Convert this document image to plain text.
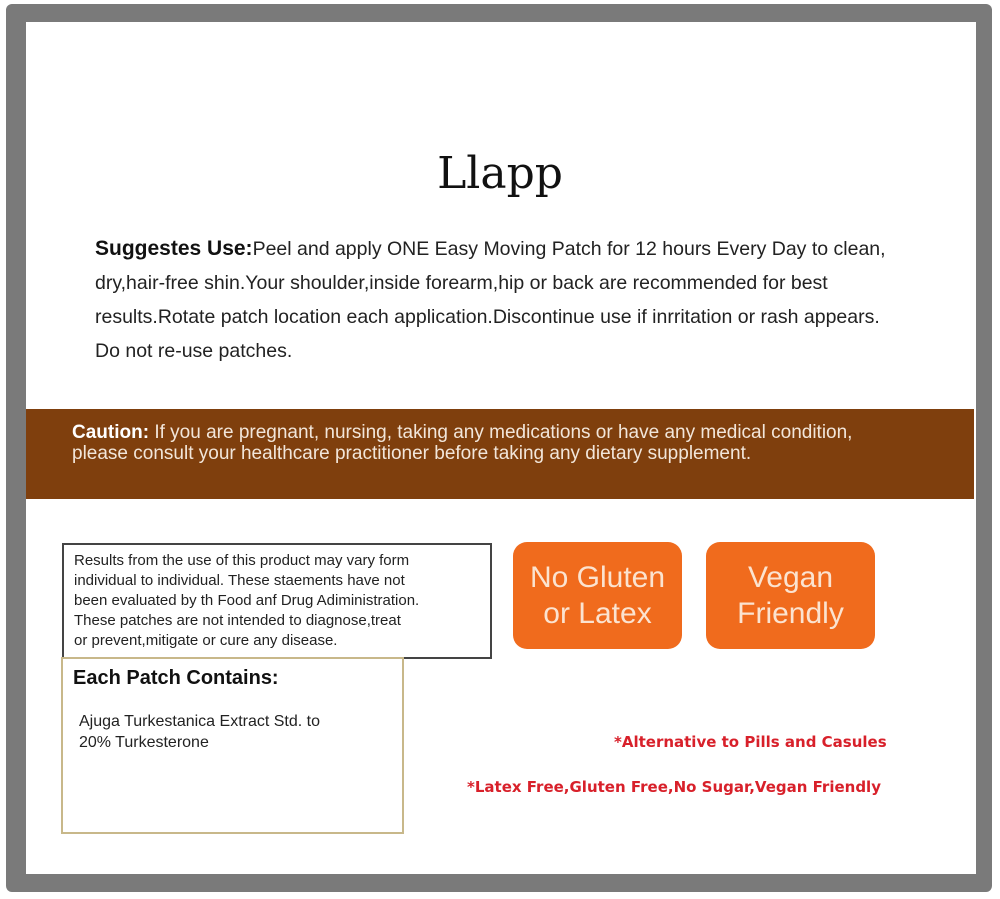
Llapp
Suggestes Use:Peel and apply ONE Easy Moving Patch for 12 hours Every Day to clean,
dry,hair-free shin.Your shoulder,inside forearm,hip or back are recommended for best
results.Rotate patch location each application.Discontinue use if inrritation or rash appears.
Do not re-use patches.
Caution: If you are pregnant, nursing, taking any medications or have any medical condition,
please consult your healthcare practitioner before taking any dietary supplement.
Results from the use of this product may vary form
individual to individual. These staements have not
been evaluated by th Food anf Drug Adiministration.
These patches are not intended to diagnose,treat
or prevent,mitigate or cure any disease.
Each Patch Contains:
Ajuga Turkestanica Extract Std. to
20% Turkesterone
No Gluten
or Latex
Vegan
Friendly
*Alternative to Pills and Casules
*Latex Free,Gluten Free,No Sugar,Vegan Friendly
